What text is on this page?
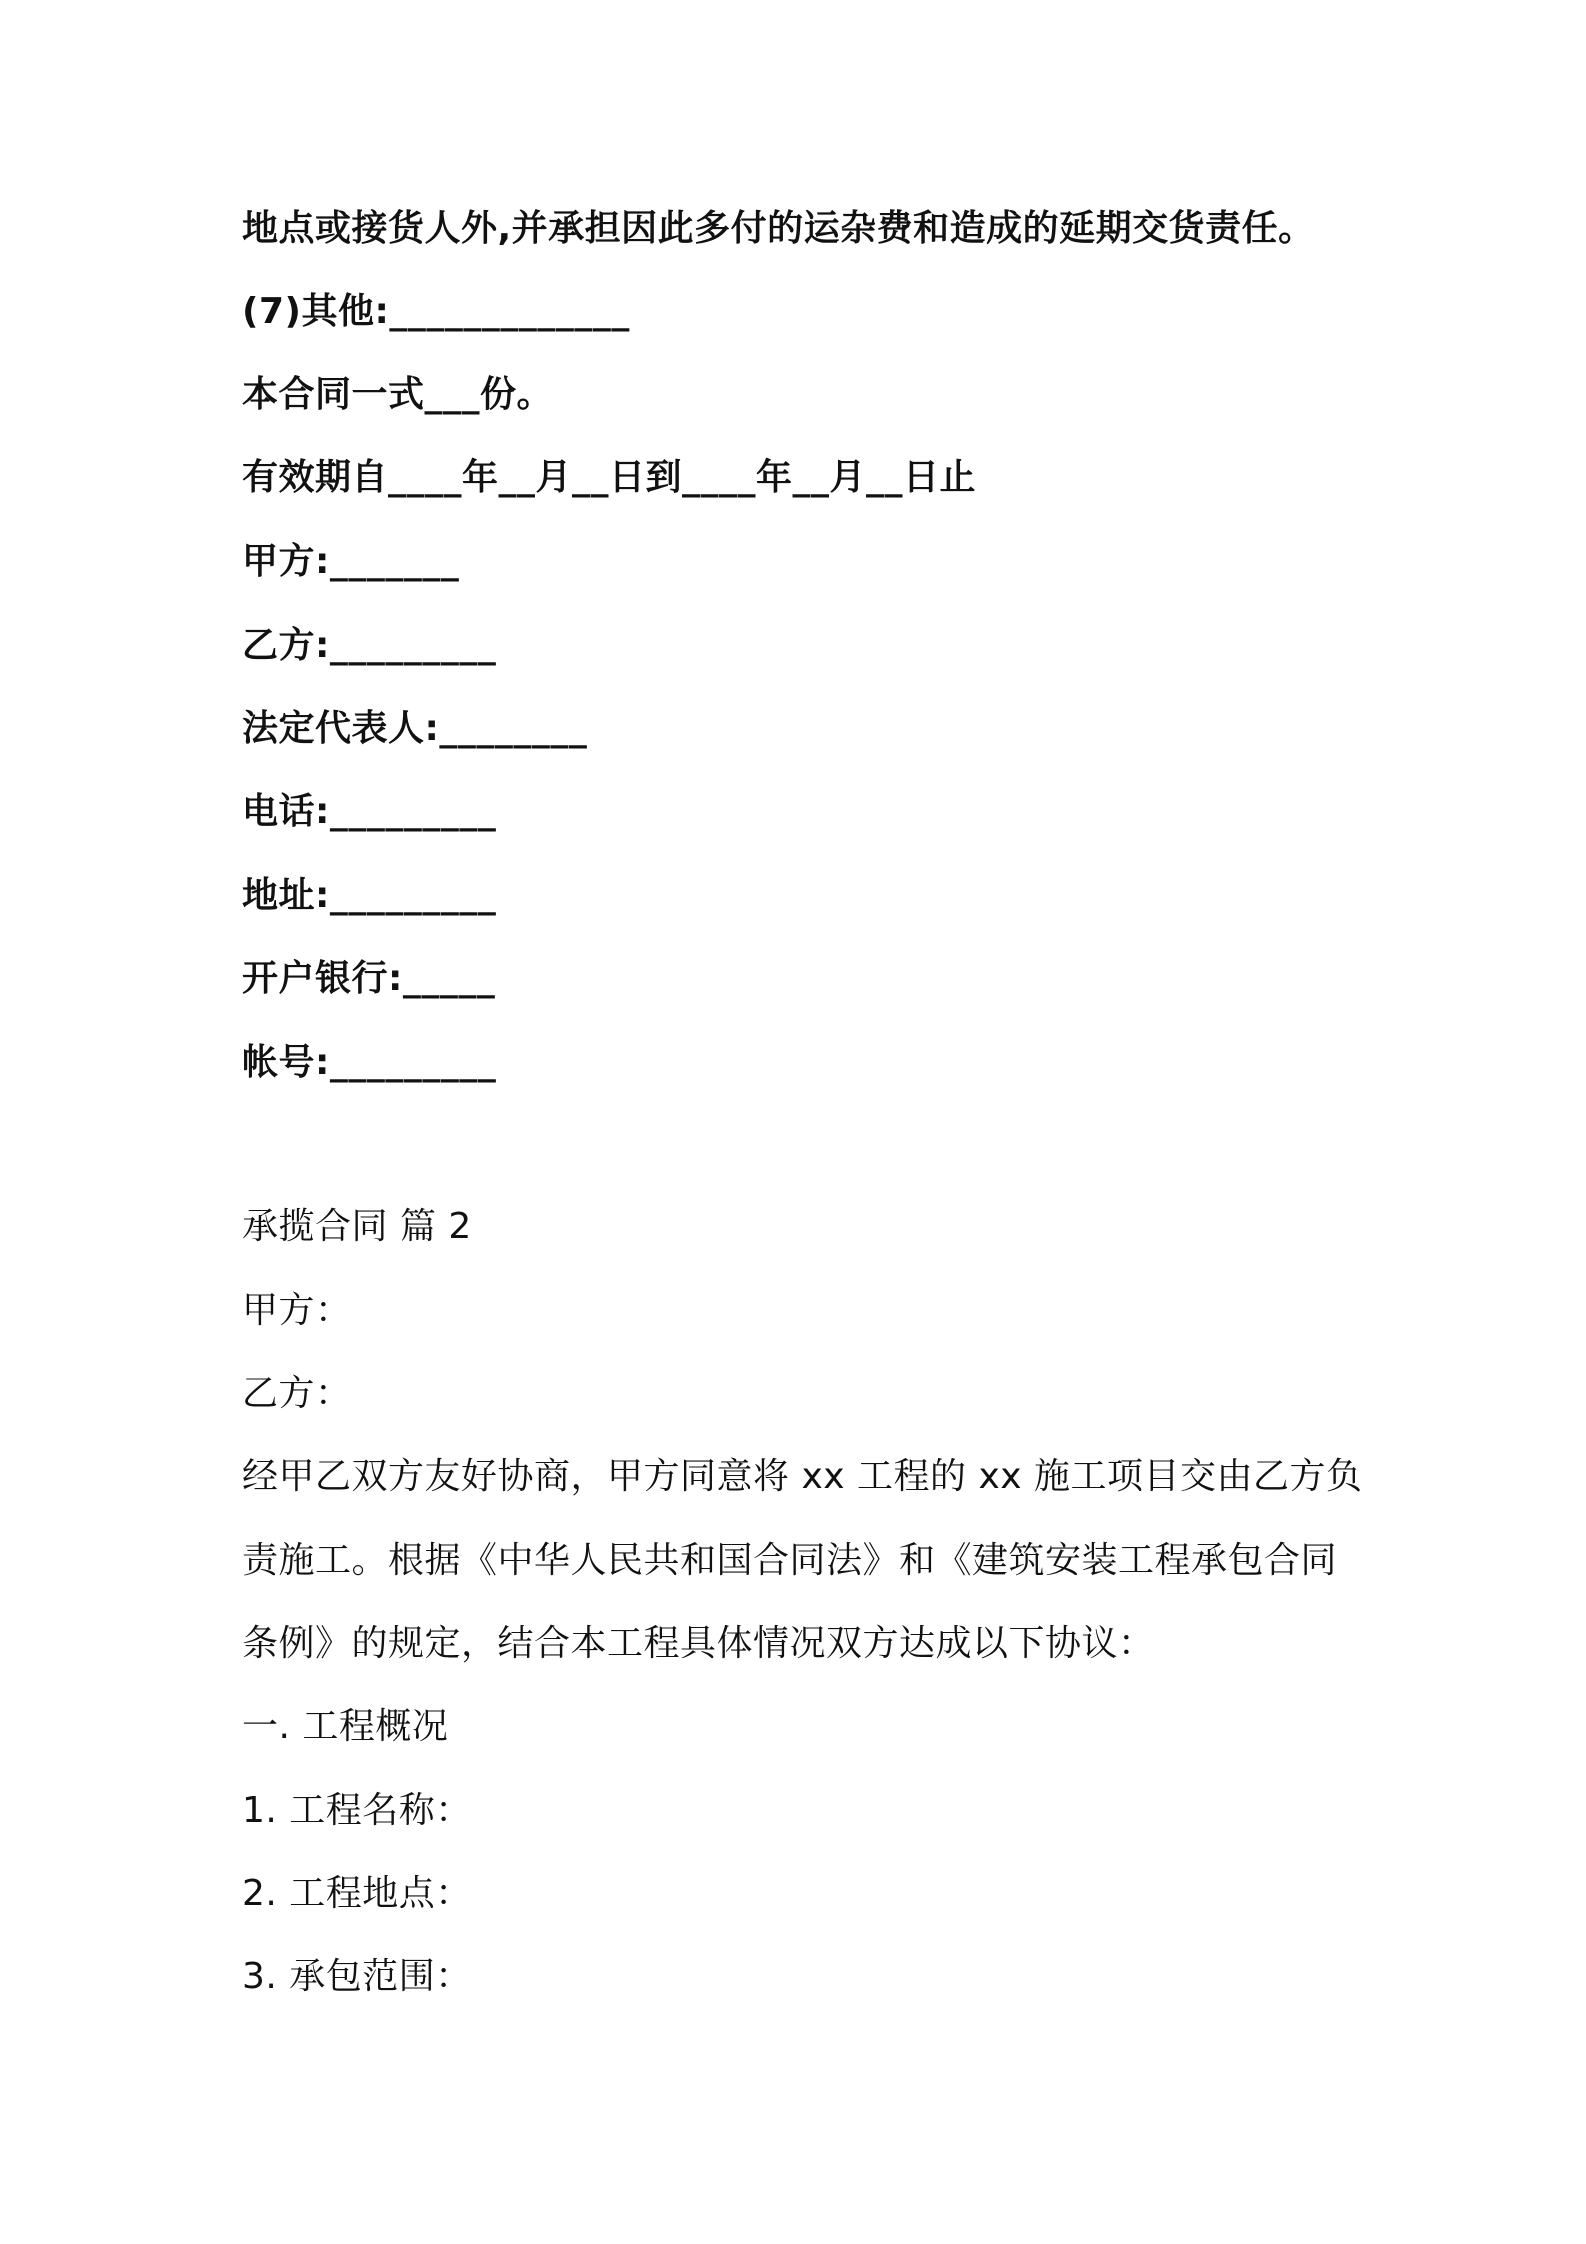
地点或接货人外,并承担因此多付的运杂费和造成的延期交货责任。
(7)其他:_____________
本合同一式___份。
有效期自____年__月__日到____年__月__日止
甲方:_______
乙方:_________
法定代表人:________
电话:_________
地址:_________
开户银行:_____
帐号:_________
承揽合同 篇 2
甲方：
乙方：
经甲乙双方友好协商，甲方同意将 xx 工程的 xx 施工项目交由乙方负
责施工。根据《中华人民共和国合同法》和《建筑安装工程承包合同
条例》的规定，结合本工程具体情况双方达成以下协议：
一. 工程概况
1. 工程名称：
2. 工程地点：
3. 承包范围：
